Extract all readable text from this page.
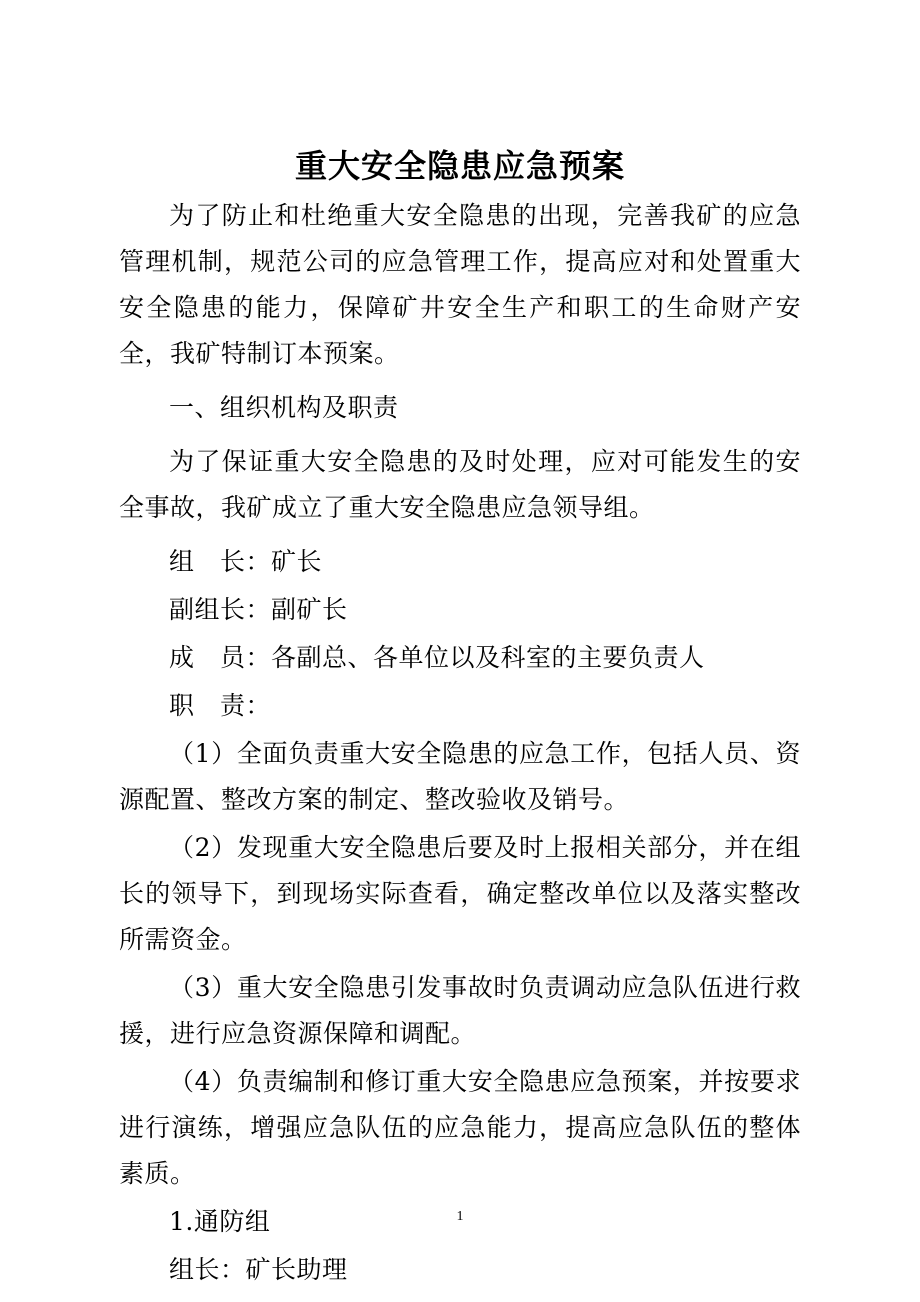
重大安全隐患应急预案

为了防止和杜绝重大安全隐患的出现，完善我矿的应急管理机制，规范公司的应急管理工作，提高应对和处置重大安全隐患的能力，保障矿井安全生产和职工的生命财产安全，我矿特制订本预案。

一、组织机构及职责

为了保证重大安全隐患的及时处理，应对可能发生的安全事故，我矿成立了重大安全隐患应急领导组。

组　长：矿长

副组长：副矿长

成　员：各副总、各单位以及科室的主要负责人

职　责：

（1）全面负责重大安全隐患的应急工作，包括人员、资源配置、整改方案的制定、整改验收及销号。

（2）发现重大安全隐患后要及时上报相关部分，并在组长的领导下，到现场实际查看，确定整改单位以及落实整改所需资金。

（3）重大安全隐患引发事故时负责调动应急队伍进行救援，进行应急资源保障和调配。

（4）负责编制和修订重大安全隐患应急预案，并按要求进行演练，增强应急队伍的应急能力，提高应急队伍的整体素质。

1.通防组

组长：矿长助理

1
